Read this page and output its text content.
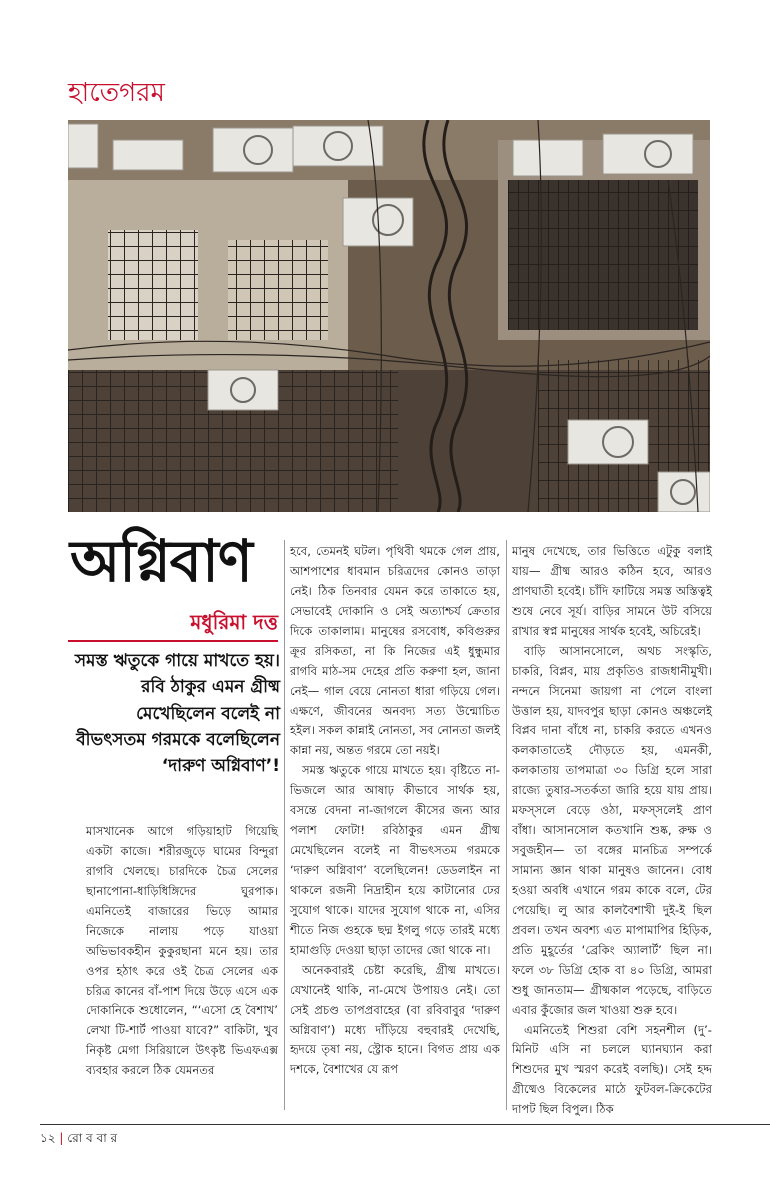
হাতেগরম
অগ্নিবাণ
মধুরিমা দত্ত
সমস্ত ঋতুকে গায়ে মাখতে হয়। রবি ঠাকুর এমন গ্রীষ্ম মেখেছিলেন বলেই না বীভৎসতম গরমকে বলেছিলেন ‘দারুণ অগ্নিবাণ’!

মাসখানেক আগে গড়িয়াহাট গিয়েছি একটা কাজে। শরীরজুড়ে ঘামের বিন্দুরা রাগবি খেলছে। চারদিকে চৈত্র সেলের ছানাপোনা-ধাড়িধিঙ্গিদের ঘুরপাক। এমনিতেই বাজারের ভিড়ে আমার নিজেকে নালায় পড়ে যাওয়া অভিভাবকহীন কুকুরছানা মনে হয়। তার ওপর হঠাৎ করে ওই চৈত্র সেলের এক চরিত্র কানের বাঁ-পাশ দিয়ে উড়ে এসে এক দোকানিকে শুধোলেন, “‘এসো হে বৈশাখ’ লেখা টি-শার্ট পাওয়া যাবে?” বাকিটা, খুব নিকৃষ্ট মেগা সিরিয়ালে উৎকৃষ্ট ভিএফএক্স ব্যবহার করলে ঠিক যেমনতর

হবে, তেমনই ঘটল। পৃথিবী থমকে গেল প্রায়, আশপাশের ধাবমান চরিত্রদের কোনও তাড়া নেই। ঠিক তিনবার যেমন করে তাকাতে হয়, সেভাবেই দোকানি ও সেই অত্যাশ্চর্য ক্রেতার দিকে তাকালাম। মানুষের রসবোধ, কবিগুরুর ক্রূর রসিকতা, না কি নিজের এই ধুন্ধুমার রাগবি মাঠ-সম দেহের প্রতি করুণা হল, জানা নেই— গাল বেয়ে নোনতা ধারা গড়িয়ে গেল। এক্ষণে, জীবনের অনবদ্য সত্য উন্মোচিত হইল। সকল কান্নাই নোনতা, সব নোনতা জলই কান্না নয়, অন্তত গরমে তো নয়ই।

সমস্ত ঋতুকে গায়ে মাখতে হয়। বৃষ্টিতে না-ভিজলে আর আষাঢ় কীভাবে সার্থক হয়, বসন্তে বেদনা না-জাগলে কীসের জন্য আর পলাশ ফোটা! রবিঠাকুর এমন গ্রীষ্ম মেখেছিলেন বলেই না বীভৎসতম গরমকে ‘দারুণ অগ্নিবাণ’ বলেছিলেন! ডেডলাইন না থাকলে রজনী নিদ্রাহীন হয়ে কাটানোর ঢের সুযোগ থাকে। যাদের সুযোগ থাকে না, এসির শীতে নিজ গুহকে ছদ্ম ইগলু গড়ে তারই মধ্যে হামাগুড়ি দেওয়া ছাড়া তাদের জো থাকে না।

অনেকবারই চেষ্টা করেছি, গ্রীষ্ম মাখতে। যেখানেই থাকি, না-মেখে উপায়ও নেই। তো সেই প্রচণ্ড তাপপ্রবাহের (বা রবিবাবুর ‘দারুণ অগ্নিবাণ’) মধ্যে দাঁড়িয়ে বহুবারই দেখেছি, হৃদয়ে তৃষা নয়, স্ট্রোক হানে। বিগত প্রায় এক দশকে, বৈশাখের যে রূপ

মানুষ দেখেছে, তার ভিত্তিতে এটুকু বলাই যায়— গ্রীষ্ম আরও কঠিন হবে, আরও প্রাণঘাতী হবেই। চাঁদি ফাটিয়ে সমস্ত অস্তিত্বই শুষে নেবে সূর্য। বাড়ির সামনে উট বসিয়ে রাখার স্বপ্ন মানুষের সার্থক হবেই, অচিরেই।

বাড়ি আসানসোলে, অথচ সংস্কৃতি, চাকরি, বিপ্লব, মায় প্রকৃতিও রাজধানীমুখী। নন্দনে সিনেমা জায়গা না পেলে বাংলা উত্তাল হয়, যাদবপুর ছাড়া কোনও অঞ্চলেই বিপ্লব দানা বাঁধে না, চাকরি করতে এখনও কলকাতাতেই দৌড়তে হয়, এমনকী, কলকাতায় তাপমাত্রা ৩০ ডিগ্রি হলে সারা রাজ্যে তুষার-সতর্কতা জারি হয়ে যায় প্রায়। মফস্সলে বেড়ে ওঠা, মফস্সলেই প্রাণ বাঁধা। আসানসোল কতখানি শুষ্ক, রুক্ষ ও সবুজহীন— তা বঙ্গের মানচিত্র সম্পর্কে সামান্য জ্ঞান থাকা মানুষও জানেন। বোধ হওয়া অবধি এখানে গরম কাকে বলে, টের পেয়েছি। লু আর কালবৈশাখী দুই-ই ছিল প্রবল। তখন অবশ্য এত মাপামাপির হিড়িক, প্রতি মুহূর্তের ‘ব্রেকিং অ্যালার্ট’ ছিল না। ফলে ৩৮ ডিগ্রি হোক বা ৪০ ডিগ্রি, আমরা শুধু জানতাম— গ্রীষ্মকাল পড়েছে, বাড়িতে এবার কুঁজোর জল খাওয়া শুরু হবে।

এমনিতেই শিশুরা বেশি সহনশীল (দু’-মিনিট এসি না চললে ঘ্যানঘ্যান করা শিশুদের মুখ স্মরণ করেই বলছি)। সেই হদ্দ গ্রীষ্মেও বিকেলের মাঠে ফুটবল-ক্রিকেটের দাপট ছিল বিপুল। ঠিক

১২ | রো ব বা র
